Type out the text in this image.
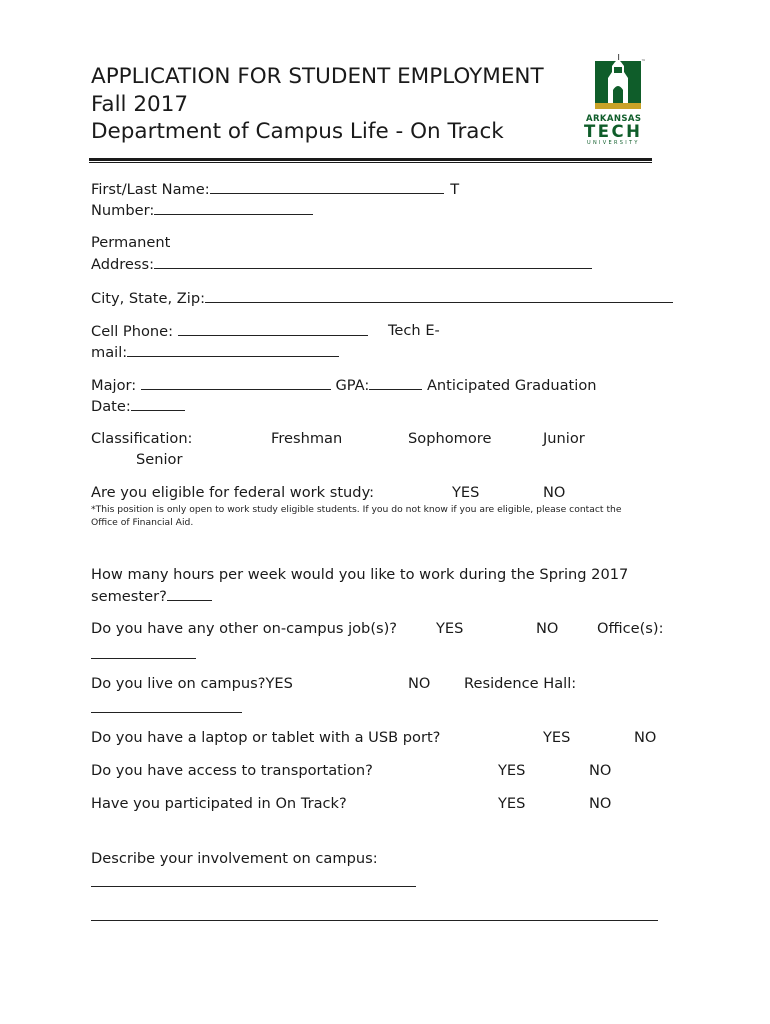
APPLICATION FOR STUDENT EMPLOYMENT
Fall 2017
Department of Campus Life - On Track
™
ARKANSAS
TECH
UNIVERSITY
First/Last Name:	T
Number:
Permanent
Address:
City, State, Zip:
Cell Phone:	Tech E-
mail:
Major:	GPA:	Anticipated Graduation
Date:
Classification:	Freshman	Sophomore	Junior
Senior
Are you eligible for federal work study:	YES	NO
*This position is only open to work study eligible students. If you do not know if you are eligible, please contact the
Office of Financial Aid.
How many hours per week would you like to work during the Spring 2017
semester?
Do you have any other on-campus job(s)?	YES	NO	Office(s):
Do you live on campus?YES	NO Residence Hall:
Do you have a laptop or tablet with a USB port?	YES	NO
Do you have access to transportation?	YES	NO
Have you participated in On Track?	YES	NO
Describe your involvement on campus:
